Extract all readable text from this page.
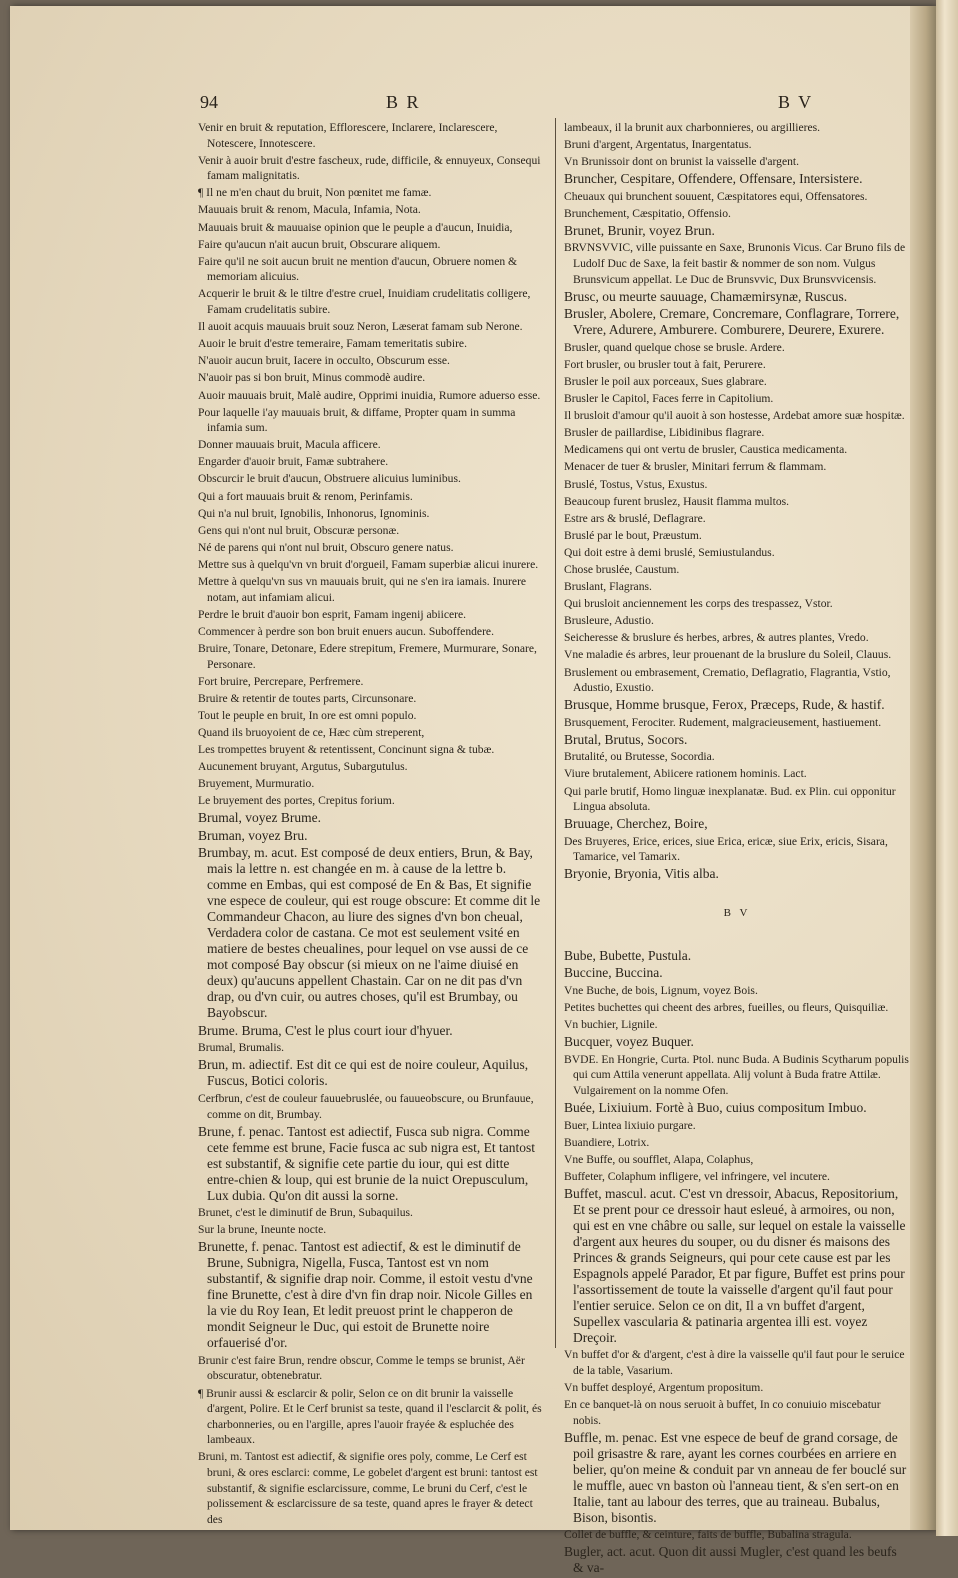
94	B R	B V

Venir en bruit & reputation, Efflorescere, Inclarere, Inclarescere, Notescere, Innotescere.

Venir à auoir bruit d'estre fascheux, rude, difficile, & ennuyeux, Consequi famam malignitatis.

¶ Il ne m'en chaut du bruit, Non pœnitet me famæ.

Mauuais bruit & renom, Macula, Infamia, Nota.

Mauuais bruit & mauuaise opinion que le peuple a d'aucun, Inuidia,

Faire qu'aucun n'ait aucun bruit, Obscurare aliquem.

Faire qu'il ne soit aucun bruit ne mention d'aucun, Obruere nomen & memoriam alicuius.

Acquerir le bruit & le tiltre d'estre cruel, Inuidiam crudelitatis colligere, Famam crudelitatis subire.

Il auoit acquis mauuais bruit souz Neron, Læserat famam sub Nerone.

Auoir le bruit d'estre temeraire, Famam temeritatis subire.

N'auoir aucun bruit, Iacere in occulto, Obscurum esse.

N'auoir pas si bon bruit, Minus commodè audire.

Auoir mauuais bruit, Malè audire, Opprimi inuidia, Rumore aduerso esse.

Pour laquelle i'ay mauuais bruit, & diffame, Propter quam in summa infamia sum.

Donner mauuais bruit, Macula afficere.

Engarder d'auoir bruit, Famæ subtrahere.

Obscurcir le bruit d'aucun, Obstruere alicuius luminibus.

Qui a fort mauuais bruit & renom, Perinfamis.

Qui n'a nul bruit, Ignobilis, Inhonorus, Ignominis.

Gens qui n'ont nul bruit, Obscuræ personæ.

Né de parens qui n'ont nul bruit, Obscuro genere natus.

Mettre sus à quelqu'vn vn bruit d'orgueil, Famam superbiæ alicui inurere.

Mettre à quelqu'vn sus vn mauuais bruit, qui ne s'en ira iamais. Inurere notam, aut infamiam alicui.

Perdre le bruit d'auoir bon esprit, Famam ingenij abiicere.

Commencer à perdre son bon bruit enuers aucun. Suboffendere.

Bruire, Tonare, Detonare, Edere strepitum, Fremere, Murmurare, Sonare, Personare.

Fort bruire, Percrepare, Perfremere.

Bruire & retentir de toutes parts, Circunsonare.

Tout le peuple en bruit, In ore est omni populo.

Quand ils bruoyoient de ce, Hæc cùm streperent,

Les trompettes bruyent & retentissent, Concinunt signa & tubæ.

Aucunement bruyant, Argutus, Subargutulus.

Bruyement, Murmuratio.

Le bruyement des portes, Crepitus forium.

Brumal, voyez Brume.

Bruman, voyez Bru.

Brumbay, m. acut. Est composé de deux entiers, Brun, & Bay, mais la lettre n. est changée en m. à cause de la lettre b. comme en Embas, qui est composé de En & Bas, Et signifie vne espece de couleur, qui est rouge obscure: Et comme dit le Commandeur Chacon, au liure des signes d'vn bon cheual, Verdadera color de castana. Ce mot est seulement vsité en matiere de bestes cheualines, pour lequel on vse aussi de ce mot composé Bay obscur (si mieux on ne l'aime diuisé en deux) qu'aucuns appellent Chastain. Car on ne dit pas d'vn drap, ou d'vn cuir, ou autres choses, qu'il est Brumbay, ou Bayobscur.

Brume. Bruma, C'est le plus court iour d'hyuer.

Brumal, Brumalis.

Brun, m. adiectif. Est dit ce qui est de noire couleur, Aquilus, Fuscus, Botici coloris.

Cerfbrun, c'est de couleur fauuebruslée, ou fauueobscure, ou Brunfauue, comme on dit, Brumbay.

Brune, f. penac. Tantost est adiectif, Fusca sub nigra. Comme cete femme est brune, Facie fusca ac sub nigra est, Et tantost est substantif, & signifie cete partie du iour, qui est ditte entre-chien & loup, qui est brunie de la nuict Orepusculum, Lux dubia. Qu'on dit aussi la sorne.

Brunet, c'est le diminutif de Brun, Subaquilus.

Sur la brune, Ineunte nocte.

Brunette, f. penac. Tantost est adiectif, & est le diminutif de Brune, Subnigra, Nigella, Fusca, Tantost est vn nom substantif, & signifie drap noir. Comme, il estoit vestu d'vne fine Brunette, c'est à dire d'vn fin drap noir. Nicole Gilles en la vie du Roy Iean, Et ledit preuost print le chapperon de mondit Seigneur le Duc, qui estoit de Brunette noire orfauerisé d'or.

Brunir c'est faire Brun, rendre obscur, Comme le temps se brunist, Aër obscuratur, obtenebratur.

¶ Brunir aussi & esclarcir & polir, Selon ce on dit brunir la vaisselle d'argent, Polire. Et le Cerf brunist sa teste, quand il l'esclarcit & polit, és charbonneries, ou en l'argille, apres l'auoir frayée & espluchée des lambeaux.

Bruni, m. Tantost est adiectif, & signifie ores poly, comme, Le Cerf est bruni, & ores esclarci: comme, Le gobelet d'argent est bruni: tantost est substantif, & signifie esclarcissure, comme, Le bruni du Cerf, c'est le polissement & esclarcissure de sa teste, quand apres le frayer & detect des

lambeaux, il la brunit aux charbonnieres, ou argillieres.

Bruni d'argent, Argentatus, Inargentatus.

Vn Brunissoir dont on brunist la vaisselle d'argent.

Bruncher, Cespitare, Offendere, Offensare, Intersistere.

Cheuaux qui brunchent souuent, Cæspitatores equi, Offensatores.

Brunchement, Cæspitatio, Offensio.

Brunet, Brunir, voyez Brun.

BRVNSVVIC, ville puissante en Saxe, Brunonis Vicus. Car Bruno fils de Ludolf Duc de Saxe, la feit bastir & nommer de son nom. Vulgus Brunsvicum appellat. Le Duc de Brunsvvic, Dux Brunsvvicensis.

Brusc, ou meurte sauuage, Chamæmirsynæ, Ruscus.

Brusler, Abolere, Cremare, Concremare, Conflagrare, Torrere, Vrere, Adurere, Amburere. Comburere, Deurere, Exurere.

Brusler, quand quelque chose se brusle. Ardere.

Fort brusler, ou brusler tout à fait, Perurere.

Brusler le poil aux porceaux, Sues glabrare.

Brusler le Capitol, Faces ferre in Capitolium.

Il brusloit d'amour qu'il auoit à son hostesse, Ardebat amore suæ hospitæ.

Brusler de paillardise, Libidinibus flagrare.

Medicamens qui ont vertu de brusler, Caustica medicamenta.

Menacer de tuer & brusler, Minitari ferrum & flammam.

Bruslé, Tostus, Vstus, Exustus.

Beaucoup furent bruslez, Hausit flamma multos.

Estre ars & bruslé, Deflagrare.

Bruslé par le bout, Præustum.

Qui doit estre à demi bruslé, Semiustulandus.

Chose bruslée, Caustum.

Bruslant, Flagrans.

Qui brusloit anciennement les corps des trespassez, Vstor.

Brusleure, Adustio.

Seicheresse & bruslure és herbes, arbres, & autres plantes, Vredo.

Vne maladie és arbres, leur prouenant de la bruslure du Soleil, Clauus.

Bruslement ou embrasement, Crematio, Deflagratio, Flagrantia, Vstio, Adustio, Exustio.

Brusque, Homme brusque, Ferox, Præceps, Rude, & hastif.

Brusquement, Ferociter. Rudement, malgracieusement, hastiuement.

Brutal, Brutus, Socors.

Brutalité, ou Brutesse, Socordia.

Viure brutalement, Abiicere rationem hominis. Lact.

Qui parle brutif, Homo linguæ inexplanatæ. Bud. ex Plin. cui opponitur Lingua absoluta.

Bruuage, Cherchez, Boire,

Des Bruyeres, Erice, erices, siue Erica, ericæ, siue Erix, ericis, Sisara, Tamarice, vel Tamarix.

Bryonie, Bryonia, Vitis alba.

B V

Bube, Bubette, Pustula.

Buccine, Buccina.

Vne Buche, de bois, Lignum, voyez Bois.

Petites buchettes qui cheent des arbres, fueilles, ou fleurs, Quisquiliæ.

Vn buchier, Lignile.

Bucquer, voyez Buquer.

BVDE. En Hongrie, Curta. Ptol. nunc Buda. A Budinis Scytharum populis qui cum Attila venerunt appellata. Alij volunt à Buda fratre Attilæ. Vulgairement on la nomme Ofen.

Buée, Lixiuium. Fortè à Buo, cuius compositum Imbuo.

Buer, Lintea lixiuio purgare.

Buandiere, Lotrix.

Vne Buffe, ou soufflet, Alapa, Colaphus,

Buffeter, Colaphum infligere, vel infringere, vel incutere.

Buffet, mascul. acut. C'est vn dressoir, Abacus, Repositorium, Et se prent pour ce dressoir haut esleué, à armoires, ou non, qui est en vne châbre ou salle, sur lequel on estale la vaisselle d'argent aux heures du souper, ou du disner és maisons des Princes & grands Seigneurs, qui pour cete cause est par les Espagnols appelé Parador, Et par figure, Buffet est prins pour l'assortissement de toute la vaisselle d'argent qu'il faut pour l'entier seruice. Selon ce on dit, Il a vn buffet d'argent, Supellex vascularia & patinaria argentea illi est. voyez Dreçoir.

Vn buffet d'or & d'argent, c'est à dire la vaisselle qu'il faut pour le seruice de la table, Vasarium.

Vn buffet desployé, Argentum propositum.

En ce banquet-là on nous seruoit à buffet, In co conuiuio miscebatur nobis.

Buffle, m. penac. Est vne espece de beuf de grand corsage, de poil grisastre & rare, ayant les cornes courbées en arriere en belier, qu'on meine & conduit par vn anneau de fer bouclé sur le muffle, auec vn baston où l'anneau tient, & s'en sert-on en Italie, tant au labour des terres, que au traineau. Bubalus, Bison, bisontis.

Collet de buffle, & ceinture, faits de buffle, Bubalina stragula.

Bugler, act. acut. Quon dit aussi Mugler, c'est quand les beufs & va-
